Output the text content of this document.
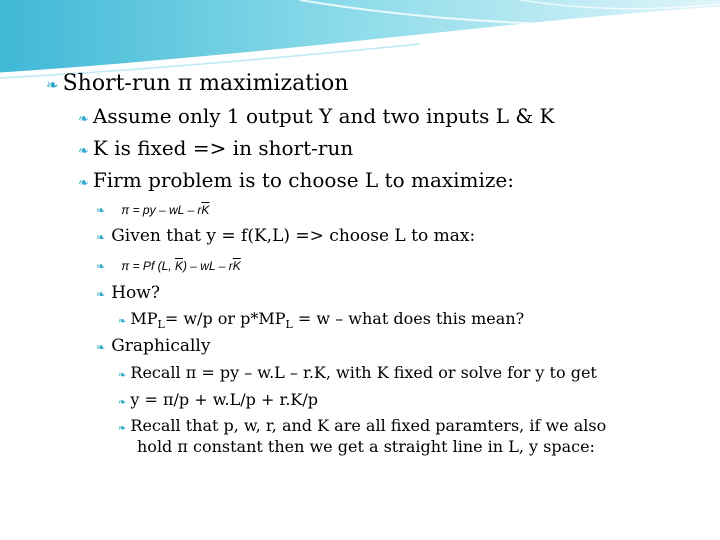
❧ Short-run π maximization
❧ Assume only 1 output Y and two inputs L & K
❧ K is fixed => in short-run
❧ Firm problem is to choose L to maximize:
❧ π = py – wL – $r\overline{K}$
❧ Given that y = f(K,L) => choose L to max:
❧ π = Pf (L, $\overline{K}$) – wL – $r\overline{K}$
❧ How?
❧ $MP_L= w/p$ or $p*MP_L = w$ – what does this mean?
❧ Graphically
❧ Recall π = py – w.L – r.K, with K fixed or solve for y to get
❧ y = π/p + w.L/p + r.K/p
❧ Recall that p, w, r, and K are all fixed paramters, if we also
hold π constant then we get a straight line in L, y space:
